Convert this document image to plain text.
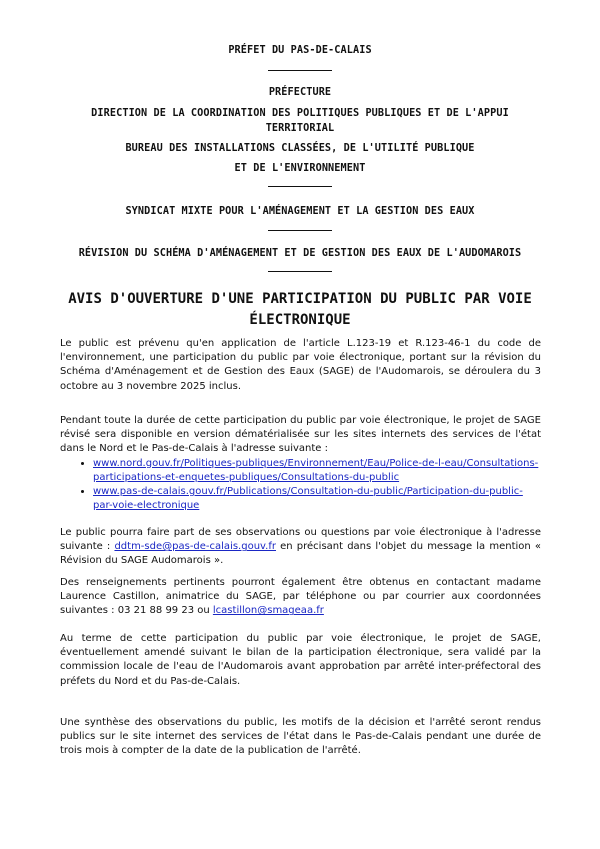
PRÉFET DU PAS-DE-CALAIS
PRÉFECTURE
DIRECTION DE LA COORDINATION DES POLITIQUES PUBLIQUES ET DE L'APPUI TERRITORIAL
BUREAU DES INSTALLATIONS CLASSÉES, DE L'UTILITÉ PUBLIQUE
ET DE L'ENVIRONNEMENT
SYNDICAT MIXTE POUR L'AMÉNAGEMENT ET LA GESTION DES EAUX
RÉVISION DU SCHÉMA D'AMÉNAGEMENT ET DE GESTION DES EAUX DE L'AUDOMAROIS
AVIS D'OUVERTURE D'UNE PARTICIPATION DU PUBLIC PAR VOIE ÉLECTRONIQUE
Le public est prévenu qu'en application de l'article L.123-19 et R.123-46-1 du code de l'environnement, une participation du public par voie électronique, portant sur la révision du Schéma d'Aménagement et de Gestion des Eaux (SAGE) de l'Audomarois, se déroulera du 3 octobre au 3 novembre 2025 inclus.
Pendant toute la durée de cette participation du public par voie électronique, le projet de SAGE révisé sera disponible en version dématérialisée sur les sites internets des services de l'état dans le Nord et le Pas-de-Calais à l'adresse suivante :
• www.nord.gouv.fr/Politiques-publiques/Environnement/Eau/Police-de-l-eau/Consultations-participations-et-enquetes-publiques/Consultations-du-public
• www.pas-de-calais.gouv.fr/Publications/Consultation-du-public/Participation-du-public-par-voie-electronique
Le public pourra faire part de ses observations ou questions par voie électronique à l'adresse suivante : ddtm-sde@pas-de-calais.gouv.fr en précisant dans l'objet du message la mention « Révision du SAGE Audomarois ».
Des renseignements pertinents pourront également être obtenus en contactant madame Laurence Castillon, animatrice du SAGE, par téléphone ou par courrier aux coordonnées suivantes : 03 21 88 99 23 ou lcastillon@smageaa.fr
Au terme de cette participation du public par voie électronique, le projet de SAGE, éventuellement amendé suivant le bilan de la participation électronique, sera validé par la commission locale de l'eau de l'Audomarois avant approbation par arrêté inter-préfectoral des préfets du Nord et du Pas-de-Calais.
Une synthèse des observations du public, les motifs de la décision et l'arrêté seront rendus publics sur le site internet des services de l'état dans le Pas-de-Calais pendant une durée de trois mois à compter de la date de la publication de l'arrêté.
